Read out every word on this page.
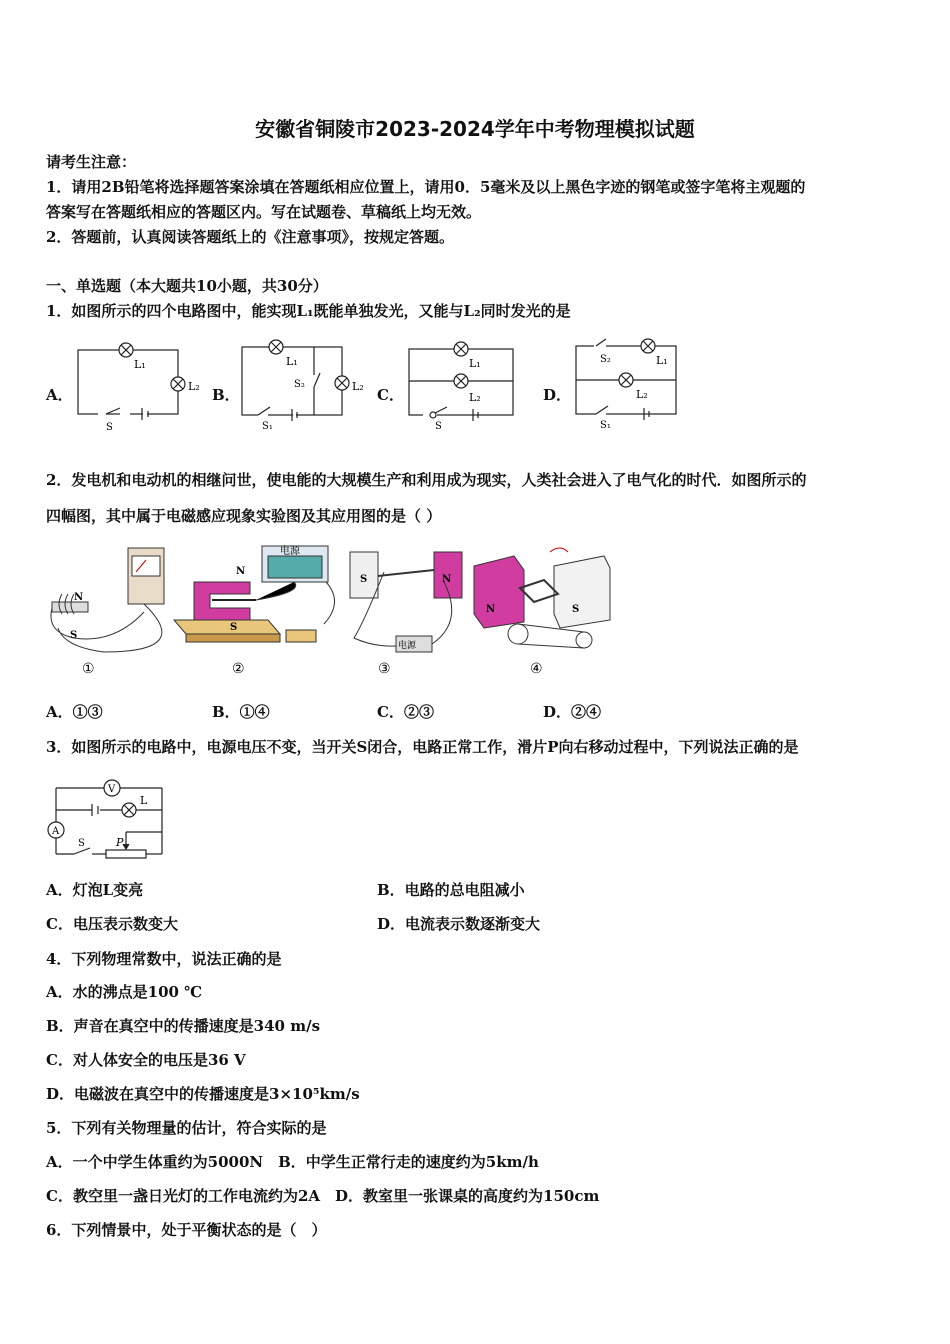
安徽省铜陵市2023-2024学年中考物理模拟试题
请考生注意：
1．请用2B铅笔将选择题答案涂填在答题纸相应位置上，请用0．5毫米及以上黑色字迹的钢笔或签字笔将主观题的
答案写在答题纸相应的答题区内。写在试题卷、草稿纸上均无效。
2．答题前，认真阅读答题纸上的《注意事项》，按规定答题。
一、单选题（本大题共10小题，共30分）
1．如图所示的四个电路图中，能实现L₁既能单独发光，又能与L₂同时发光的是
A．
L₁
L₂
S
B．
L₁
L₂
S₂
S₁
C．
L₁
L₂
S
D．
S₂	L₁
L₂
S₁
2．发电机和电动机的相继问世，使电能的大规模生产和利用成为现实，人类社会进入了电气化的时代．如图所示的
四幅图，其中属于电磁感应现象实验图及其应用图的是（ ）
N
S
①
N
电源
S
②
S	N
电源
③
N	S
④
A．①③	B．①④	C．②③	D．②④
3．如图所示的电路中，电源电压不变，当开关S闭合，电路正常工作，滑片P向右移动过程中，下列说法正确的是
V
A
L
S	P
A．灯泡L变亮	B．电路的总电阻减小
C．电压表示数变大	D．电流表示数逐渐变大
4．下列物理常数中，说法正确的是
A．水的沸点是100 ℃
B．声音在真空中的传播速度是340 m/s
C．对人体安全的电压是36 V
D．电磁波在真空中的传播速度是3×10⁵km/s
5．下列有关物理量的估计，符合实际的是
A．一个中学生体重约为5000N　B．中学生正常行走的速度约为5km/h
C．教空里一盏日光灯的工作电流约为2A　D．教室里一张课桌的高度约为150cm
6．下列情景中，处于平衡状态的是（　）
